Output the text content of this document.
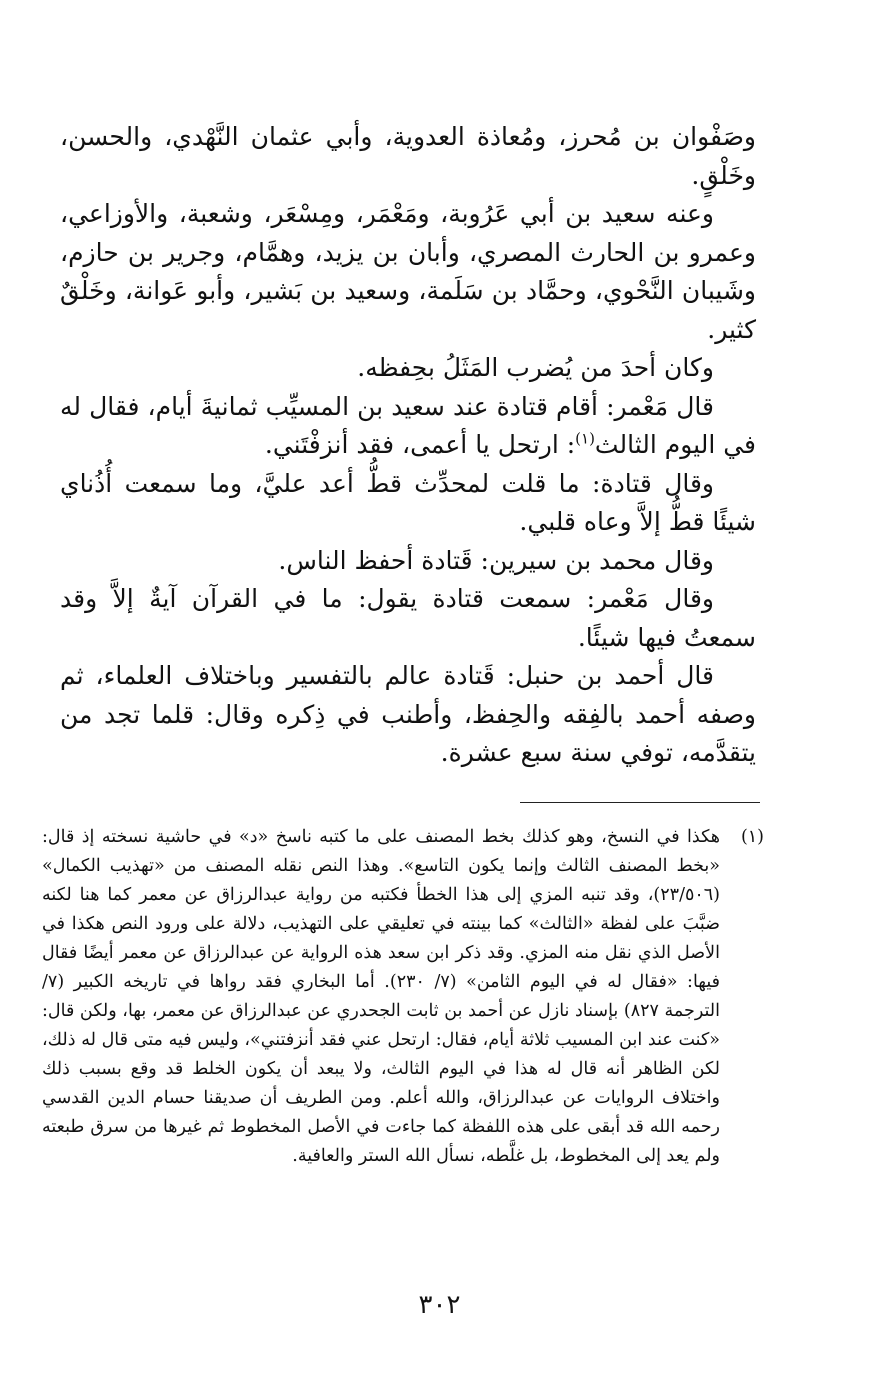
وصَفْوان بن مُحرز، ومُعاذة العدوية، وأبي عثمان النَّهْدي، والحسن، وخَلْقٍ.

وعنه سعيد بن أبي عَرُوبة، ومَعْمَر، ومِسْعَر، وشعبة، والأوزاعي، وعمرو بن الحارث المصري، وأبان بن يزيد، وهمَّام، وجرير بن حازم، وشَيبان النَّحْوي، وحمَّاد بن سَلَمة، وسعيد بن بَشير، وأبو عَوانة، وخَلْقٌ كثير.

وكان أحدَ من يُضرب المَثَلُ بحِفظه.

قال مَعْمر: أقام قتادة عند سعيد بن المسيِّب ثمانيةَ أيام، فقال له في اليوم الثالث$^{(١)}$: ارتحل يا أعمى، فقد أنزفْتَني.

وقال قتادة: ما قلت لمحدِّث قطُّ أعد عليَّ، وما سمعت أُذُناي شيئًا قطُّ إلاَّ وعاه قلبي.

وقال محمد بن سيرين: قَتادة أحفظ الناس.

وقال مَعْمر: سمعت قتادة يقول: ما في القرآن آيةٌ إلاَّ وقد سمعتُ فيها شيئًا.

قال أحمد بن حنبل: قَتادة عالم بالتفسير وباختلاف العلماء، ثم وصفه أحمد بالفِقه والحِفظ، وأطنب في ذِكره وقال: قلما تجد من يتقدَّمه، توفي سنة سبع عشرة.

(١)
هكذا في النسخ، وهو كذلك بخط المصنف على ما كتبه ناسخ «د» في حاشية نسخته إذ قال: «بخط المصنف الثالث وإنما يكون التاسع». وهذا النص نقله المصنف من «تهذيب الكمال» (٢٣/٥٠٦)، وقد تنبه المزي إلى هذا الخطأ فكتبه من رواية عبدالرزاق عن معمر كما هنا لكنه ضبَّبَ على لفظة «الثالث» كما بينته في تعليقي على التهذيب، دلالة على ورود النص هكذا في الأصل الذي نقل منه المزي. وقد ذكر ابن سعد هذه الرواية عن عبدالرزاق عن معمر أيضًا فقال فيها: «فقال له في اليوم الثامن» (٧/ ٢٣٠). أما البخاري فقد رواها في تاريخه الكبير (٧/ الترجمة ٨٢٧) بإسناد نازل عن أحمد بن ثابت الجحدري عن عبدالرزاق عن معمر، بها، ولكن قال: «كنت عند ابن المسيب ثلاثة أيام، فقال: ارتحل عني فقد أنزفتني»، وليس فيه متى قال له ذلك، لكن الظاهر أنه قال له هذا في اليوم الثالث، ولا يبعد أن يكون الخلط قد وقع بسبب ذلك واختلاف الروايات عن عبدالرزاق، والله أعلم. ومن الطريف أن صديقنا حسام الدين القدسي رحمه الله قد أبقى على هذه اللفظة كما جاءت في الأصل المخطوط ثم غيرها من سرق طبعته ولم يعد إلى المخطوط، بل غلَّطه، نسأل الله الستر والعافية.
٣٠٢
